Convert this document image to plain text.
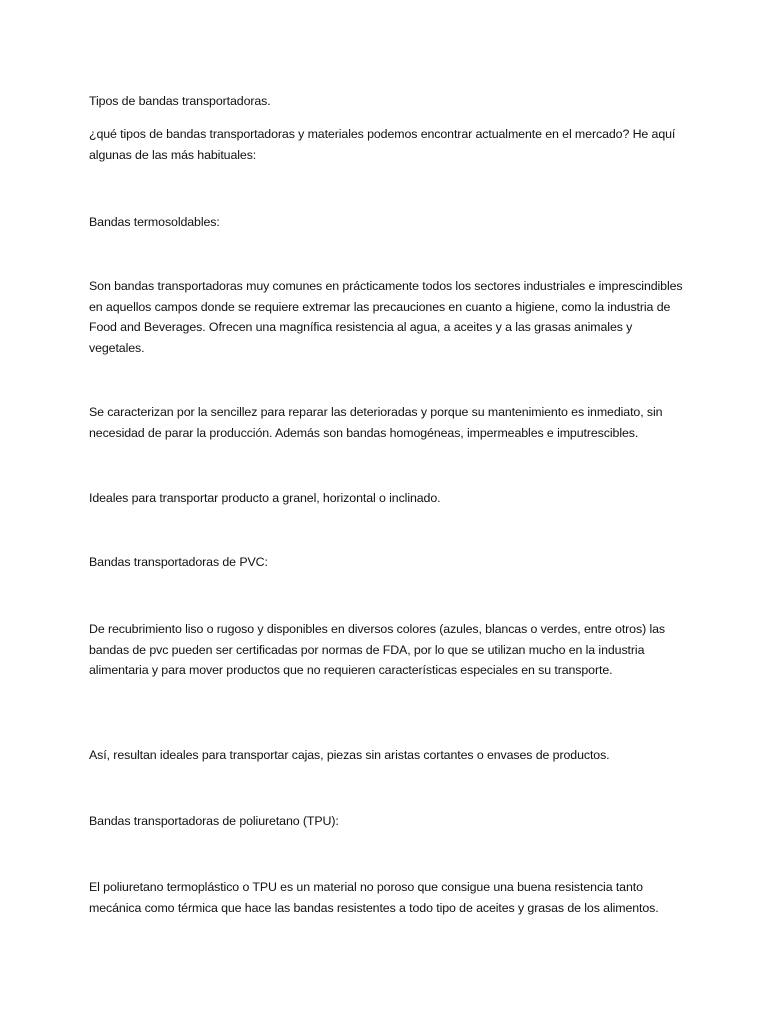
Tipos de bandas transportadoras.

¿qué tipos de bandas transportadoras y materiales podemos encontrar actualmente en el mercado? He aquí algunas de las más habituales:

Bandas termosoldables:

Son bandas transportadoras muy comunes en prácticamente todos los sectores industriales e imprescindibles en aquellos campos donde se requiere extremar las precauciones en cuanto a higiene, como la industria de Food and Beverages. Ofrecen una magnífica resistencia al agua, a aceites y a las grasas animales y vegetales.

Se caracterizan por la sencillez para reparar las deterioradas y porque su mantenimiento es inmediato, sin necesidad de parar la producción. Además son bandas homogéneas, impermeables e imputrescibles.

Ideales para transportar producto a granel, horizontal o inclinado.

Bandas transportadoras de PVC:

De recubrimiento liso o rugoso y disponibles en diversos colores (azules, blancas o verdes, entre otros) las bandas de pvc pueden ser certificadas por normas de FDA, por lo que se utilizan mucho en la industria alimentaria y para mover productos que no requieren características especiales en su transporte.

Así, resultan ideales para transportar cajas, piezas sin aristas cortantes o envases de productos.

Bandas transportadoras de poliuretano (TPU):

El poliuretano termoplástico o TPU es un material no poroso que consigue una buena resistencia tanto mecánica como térmica que hace las bandas resistentes a todo tipo de aceites y grasas de los alimentos.
